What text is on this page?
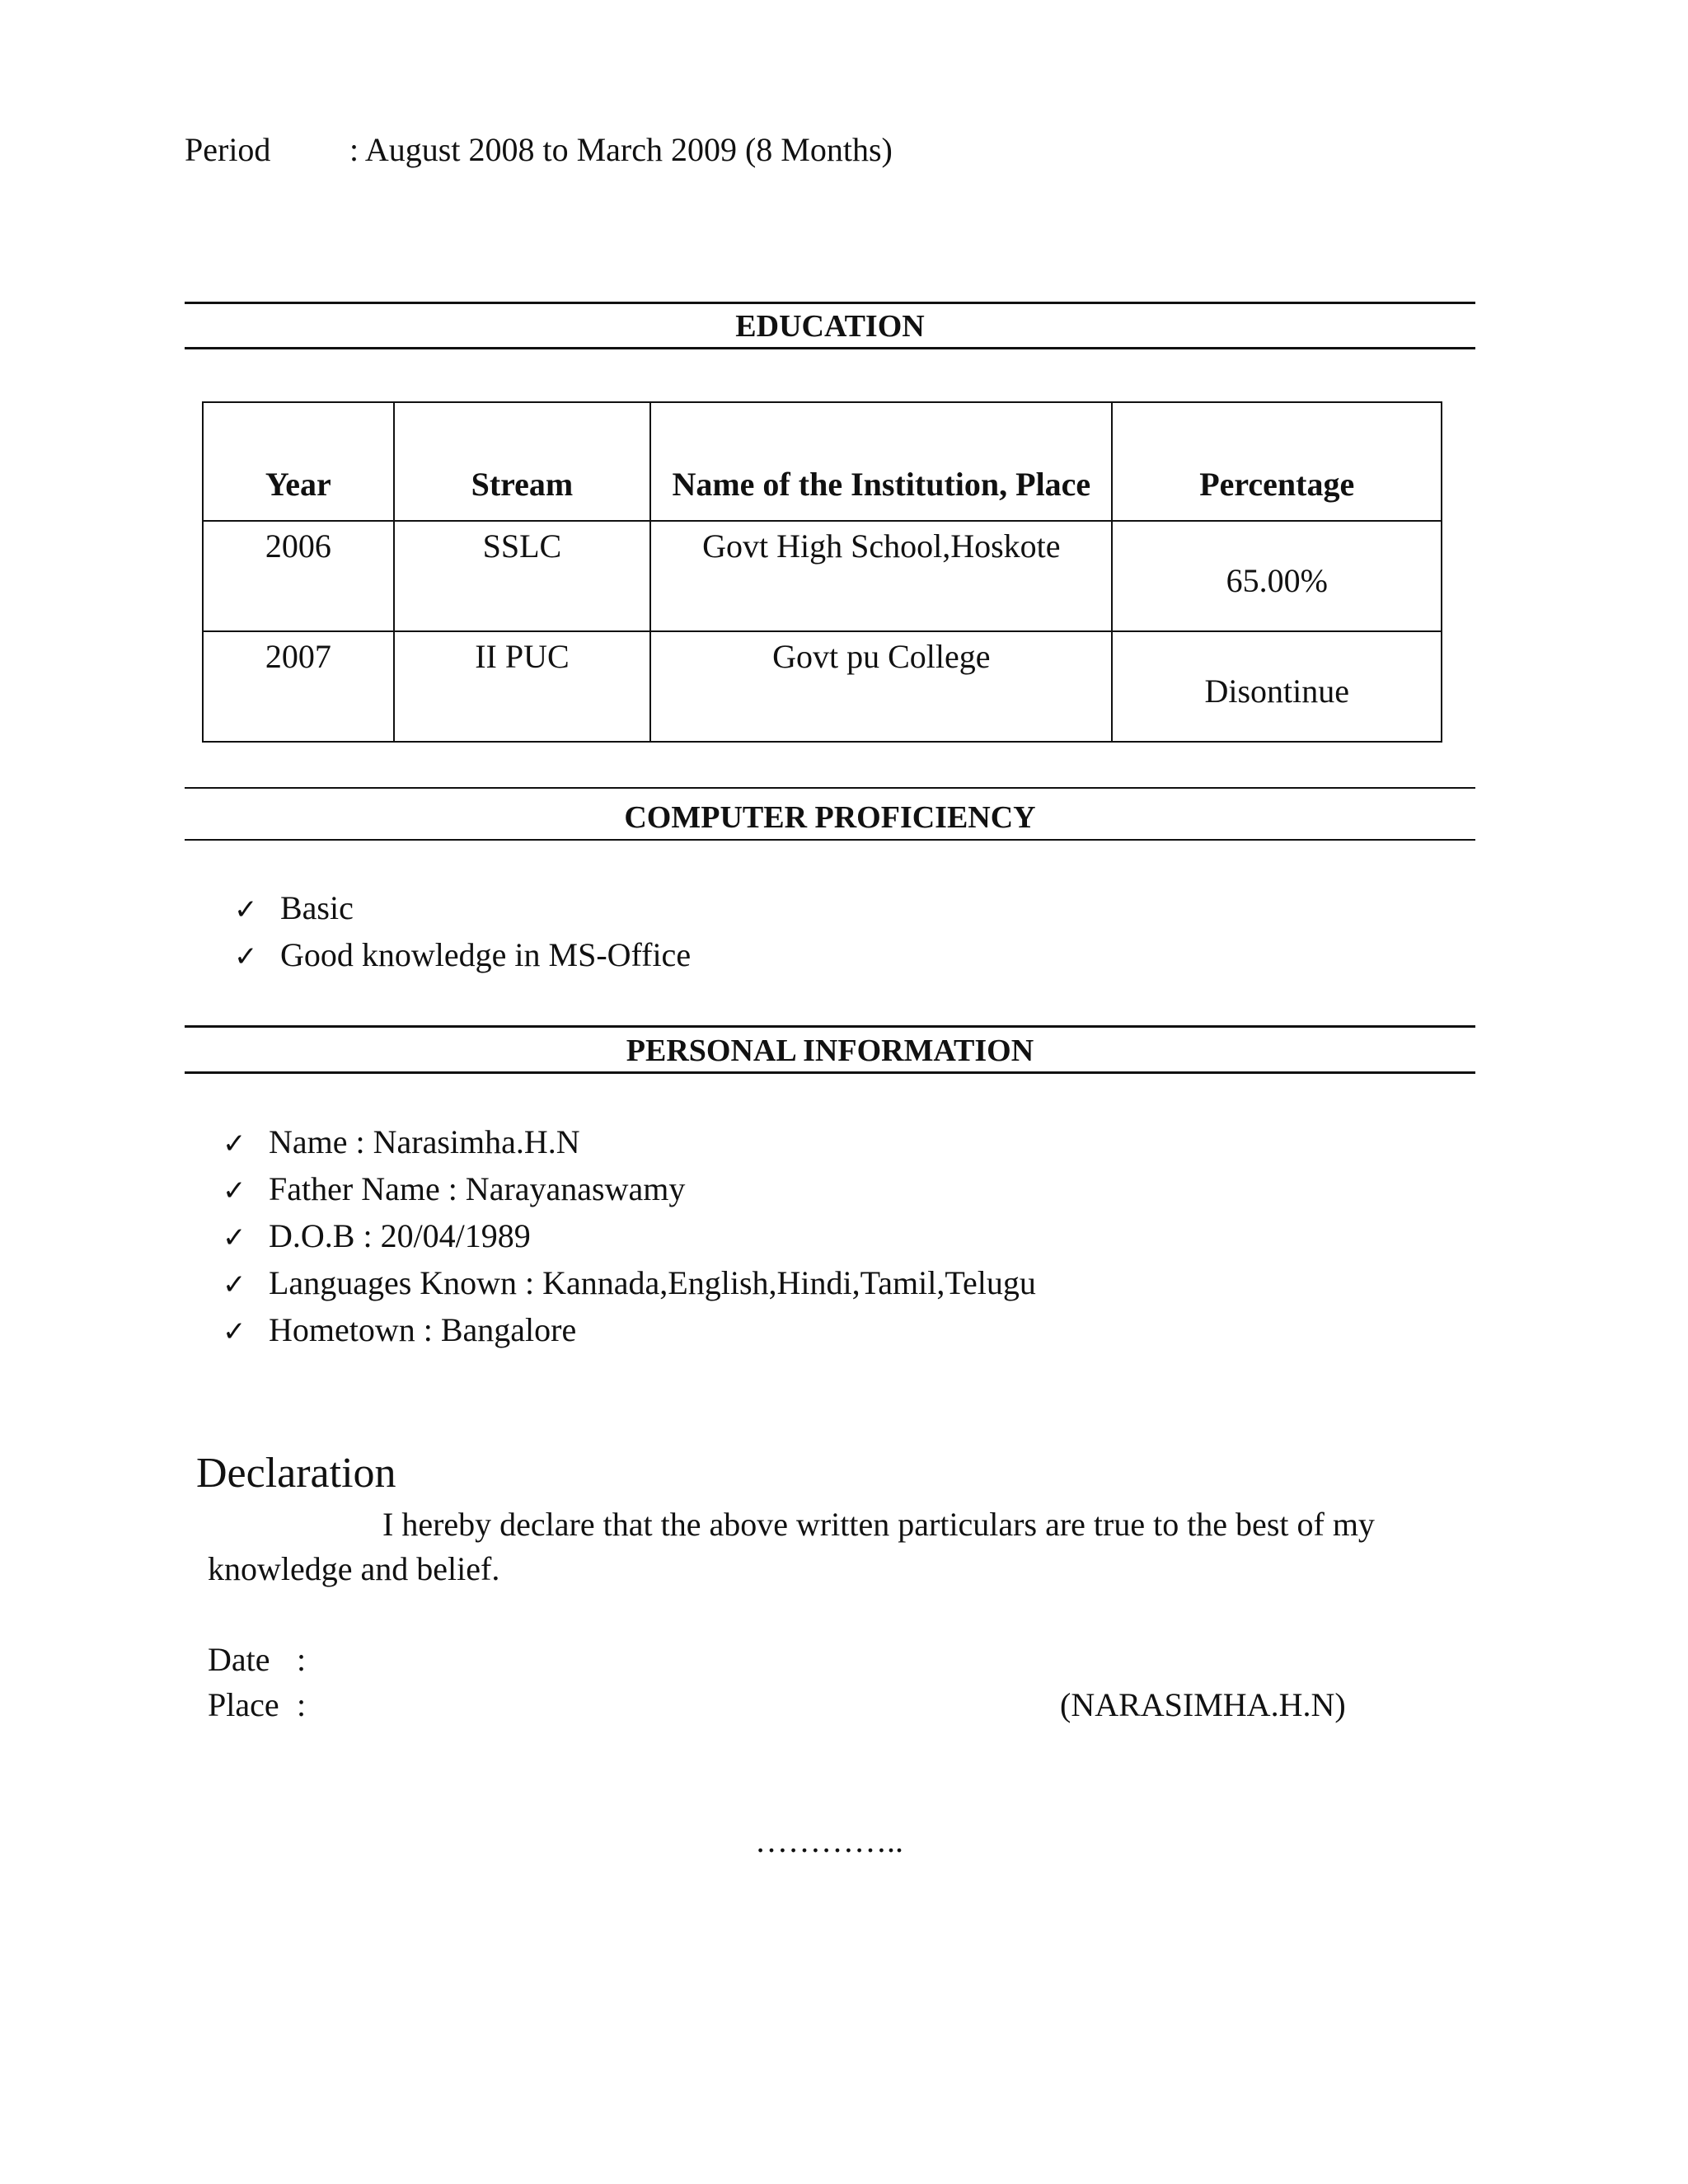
Period : August 2008 to March 2009 (8 Months)
EDUCATION
Year	Stream	Name of the Institution, Place	Percentage
2006	SSLC	Govt High School,Hoskote	65.00%
2007	II PUC	Govt pu College	Disontinue
COMPUTER PROFICIENCY
✓ Basic
✓ Good knowledge in MS-Office
PERSONAL INFORMATION
✓ Name : Narasimha.H.N
✓ Father Name : Narayanaswamy
✓ D.O.B : 20/04/1989
✓ Languages Known : Kannada,English,Hindi,Tamil,Telugu
✓ Hometown : Bangalore
Declaration
I hereby declare that the above written particulars are true to the best of my
knowledge and belief.
Date :
Place :	(NARASIMHA.H.N)
…………..
